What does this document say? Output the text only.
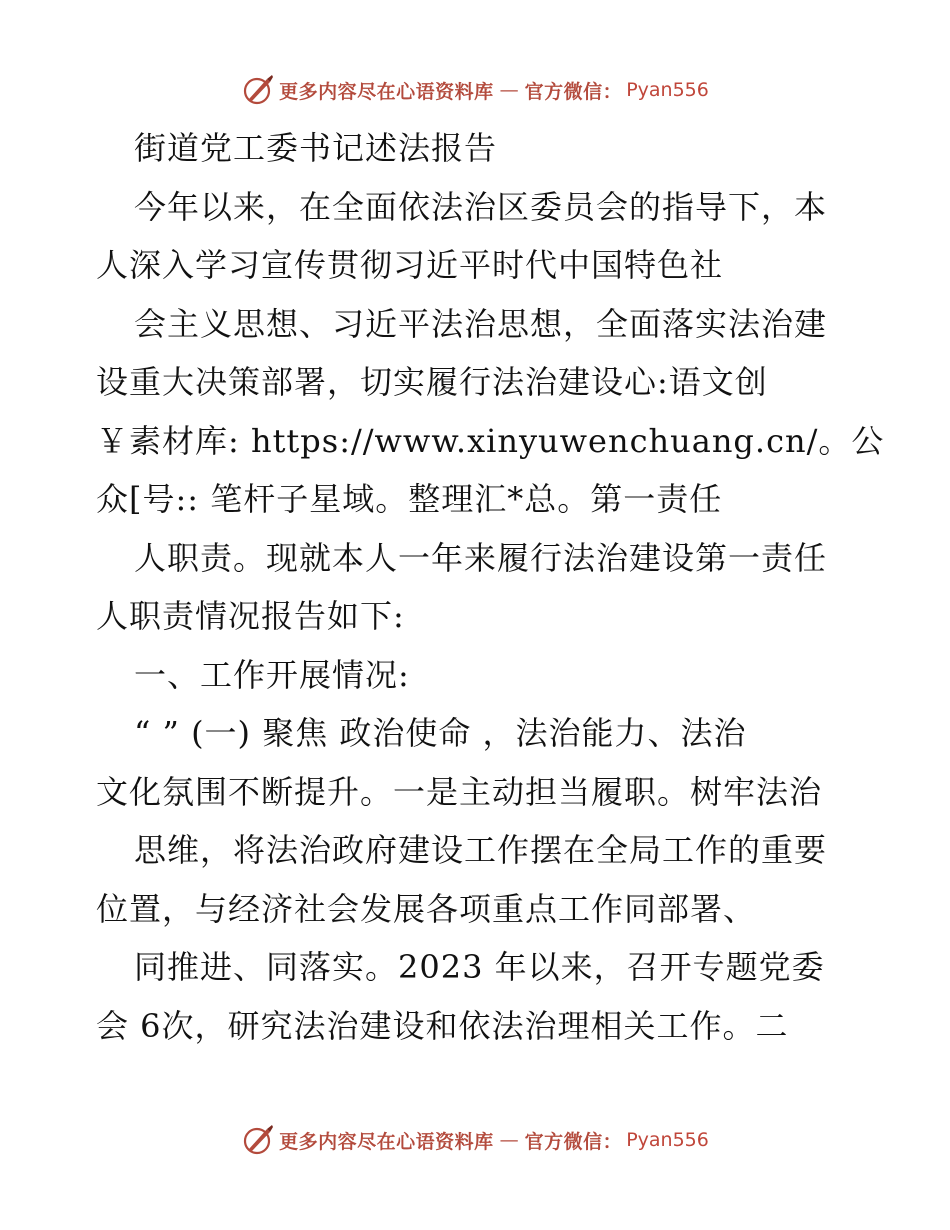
更多内容尽在心语资料库 — 官方微信： Pyan556
街道党工委书记述法报告
今年以来，在全面依法治区委员会的指导下，本
人深入学习宣传贯彻习近平时代中国特色社
会主义思想、习近平法治思想，全面落实法治建
设重大决策部署，切实履行法治建设心:语文创
￥素材库: https://www.xinyuwenchuang.cn/。公
众[号:: 笔杆子星域。整理汇*总。第一责任
人职责。现就本人一年来履行法治建设第一责任
人职责情况报告如下:
一、工作开展情况:
“ ” (一) 聚焦 政治使命 ，法治能力、法治
文化氛围不断提升。一是主动担当履职。树牢法治
思维，将法治政府建设工作摆在全局工作的重要
位置，与经济社会发展各项重点工作同部署、
同推进、同落实。2023 年以来，召开专题党委
会 6次，研究法治建设和依法治理相关工作。二
更多内容尽在心语资料库 — 官方微信： Pyan556
